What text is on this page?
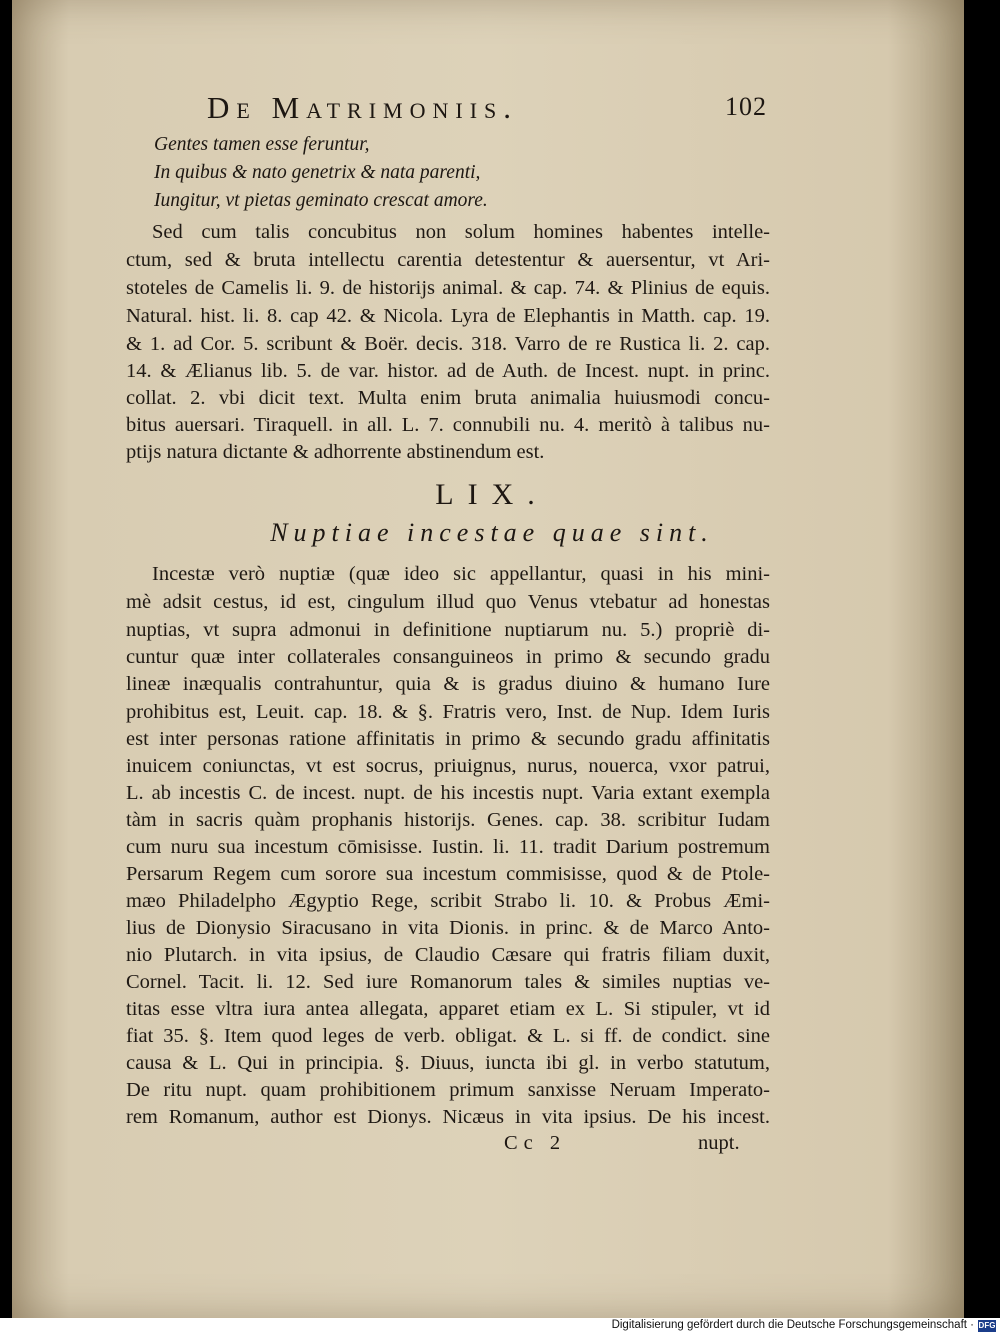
De Matrimoniis.	102
Gentes tamen esse feruntur,
In quibus & nato genetrix & nata parenti,
Iungitur, vt pietas geminato crescat amore.
Sed cum talis concubitus non solum homines habentes intelle-
ctum, sed & bruta intellectu carentia detestentur & auersentur, vt Ari-
stoteles de Camelis li. 9. de historijs animal. & cap. 74. & Plinius de equis.
Natural. hist. li. 8. cap 42. & Nicola. Lyra de Elephantis in Matth. cap. 19.
& 1. ad Cor. 5. scribunt & Boër. decis. 318. Varro de re Rustica li. 2. cap.
14. & Ælianus lib. 5. de var. histor. ad de Auth. de Incest. nupt. in princ.
collat. 2. vbi dicit text. Multa enim bruta animalia huiusmodi concu-
bitus auersari. Tiraquell. in all. L. 7. connubili nu. 4. meritò à talibus nu-
ptijs natura dictante & adhorrente abstinendum est.
LIX.
Nuptiae incestae quae sint.
Incestæ verò nuptiæ (quæ ideo sic appellantur, quasi in his mini-
mè adsit cestus, id est, cingulum illud quo Venus vtebatur ad honestas
nuptias, vt supra admonui in definitione nuptiarum nu. 5.) propriè di-
cuntur quæ inter collaterales consanguineos in primo & secundo gradu
lineæ inæqualis contrahuntur, quia & is gradus diuino & humano Iure
prohibitus est, Leuit. cap. 18. & §. Fratris vero, Inst. de Nup. Idem Iuris
est inter personas ratione affinitatis in primo & secundo gradu affinitatis
inuicem coniunctas, vt est socrus, priuignus, nurus, nouerca, vxor patrui,
L. ab incestis C. de incest. nupt. de his incestis nupt. Varia extant exempla
tàm in sacris quàm prophanis historijs. Genes. cap. 38. scribitur Iudam
cum nuru sua incestum cōmisisse. Iustin. li. 11. tradit Darium postremum
Persarum Regem cum sorore sua incestum commisisse, quod & de Ptole-
mæo Philadelpho Ægyptio Rege, scribit Strabo li. 10. & Probus Æmi-
lius de Dionysio Siracusano in vita Dionis. in princ. & de Marco Anto-
nio Plutarch. in vita ipsius, de Claudio Cæsare qui fratris filiam duxit,
Cornel. Tacit. li. 12. Sed iure Romanorum tales & similes nuptias ve-
titas esse vltra iura antea allegata, apparet etiam ex L. Si stipuler, vt id
fiat 35. §. Item quod leges de verb. obligat. & L. si ff. de condict. sine
causa & L. Qui in principia. §. Diuus, iuncta ibi gl. in verbo statutum,
De ritu nupt. quam prohibitionem primum sanxisse Neruam Imperato-
rem Romanum, author est Dionys. Nicæus in vita ipsius. De his incest.
Cc 2	nupt.
Digitalisierung gefördert durch die Deutsche Forschungsgemeinschaft · DFG
